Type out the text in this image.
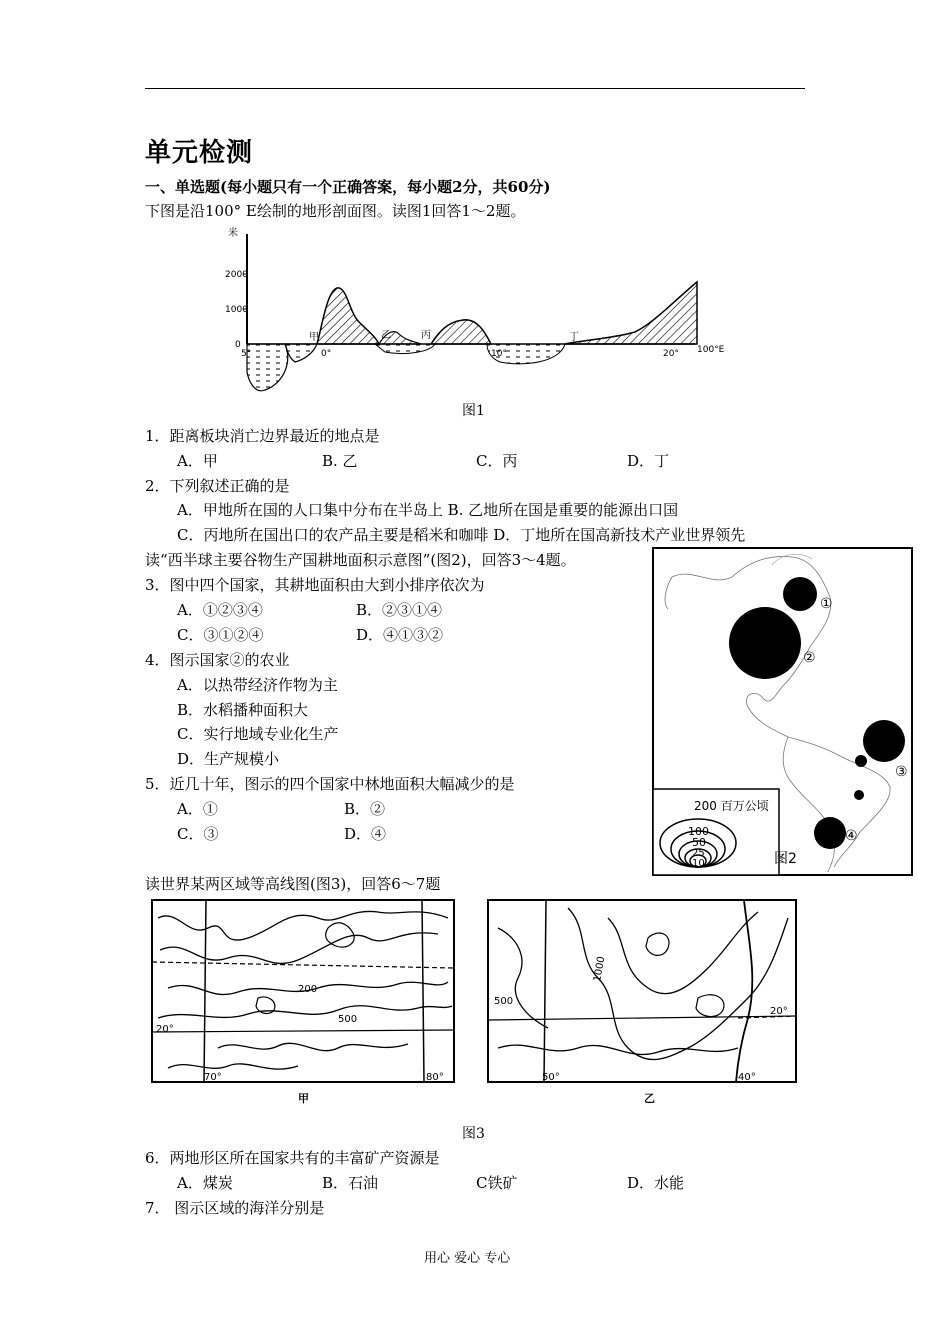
单元检测
一、单选题(每小题只有一个正确答案，每小题2分，共60分)
下图是沿100° E绘制的地形剖面图。读图1回答1～2题。
米
2000
1000
0
5°	0°	10°	20° 100°E
甲	乙	丙	丁
图1
1．距离板块消亡边界最近的地点是
A．甲	B. 乙	C．丙	D．丁
2．下列叙述正确的是
A．甲地所在国的人口集中分布在半岛上 B. 乙地所在国是重要的能源出口国
C．丙地所在国出口的农产品主要是稻米和咖啡 D．丁地所在国高新技术产业世界领先
读“西半球主要谷物生产国耕地面积示意图”(图2)，回答3～4题。
3．图中四个国家，其耕地面积由大到小排序依次为
A．①②③④	B．②③①④
C．③①②④	D．④①③②
4．图示国家②的农业
A．以热带经济作物为主
B．水稻播种面积大
C．实行地域专业化生产
D．生产规模小
5．近几十年，图示的四个国家中林地面积大幅减少的是
A．①	B．②
C．③	D．④
①
②
③
④
200 百万公顷
100
50
25
10	图2
读世界某两区域等高线图(图3)，回答6～7题
200
500
20°
70°	80°
甲
500
1000
20°
50°	40°
乙
图3
6．两地形区所在国家共有的丰富矿产资源是
A．煤炭	B．石油	C铁矿	D．水能
7． 图示区域的海洋分别是
用心 爱心 专心
